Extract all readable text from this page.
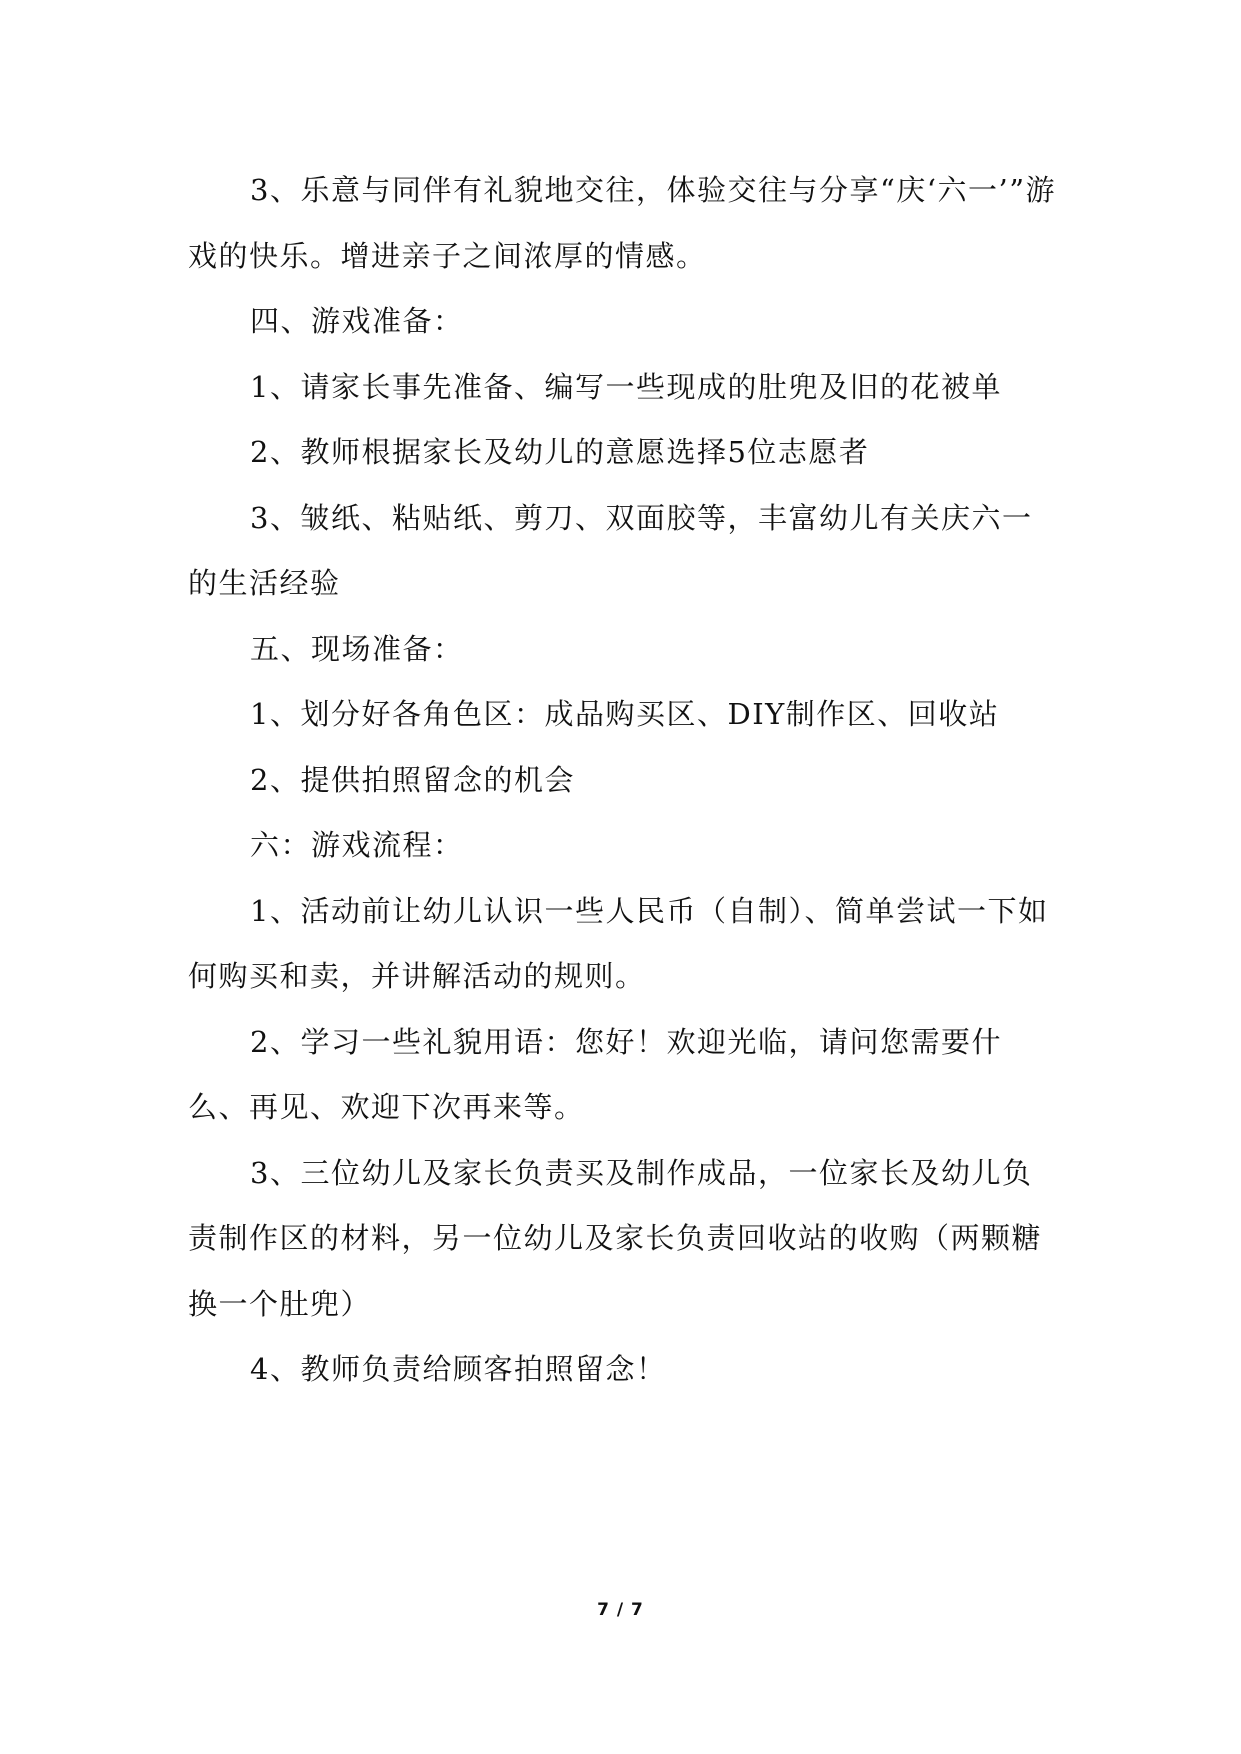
3、乐意与同伴有礼貌地交往，体验交往与分享“庆‘六一’”游戏的快乐。增进亲子之间浓厚的情感。

四、游戏准备：

1、请家长事先准备、编写一些现成的肚兜及旧的花被单

2、教师根据家长及幼儿的意愿选择5位志愿者

3、皱纸、粘贴纸、剪刀、双面胶等，丰富幼儿有关庆六一的生活经验

五、现场准备：

1、划分好各角色区：成品购买区、DIY制作区、回收站

2、提供拍照留念的机会

六：游戏流程：

1、活动前让幼儿认识一些人民币（自制）、简单尝试一下如何购买和卖，并讲解活动的规则。

2、学习一些礼貌用语：您好！欢迎光临，请问您需要什么、再见、欢迎下次再来等。

3、三位幼儿及家长负责买及制作成品，一位家长及幼儿负责制作区的材料，另一位幼儿及家长负责回收站的收购（两颗糖换一个肚兜）

4、教师负责给顾客拍照留念！

7 / 7
